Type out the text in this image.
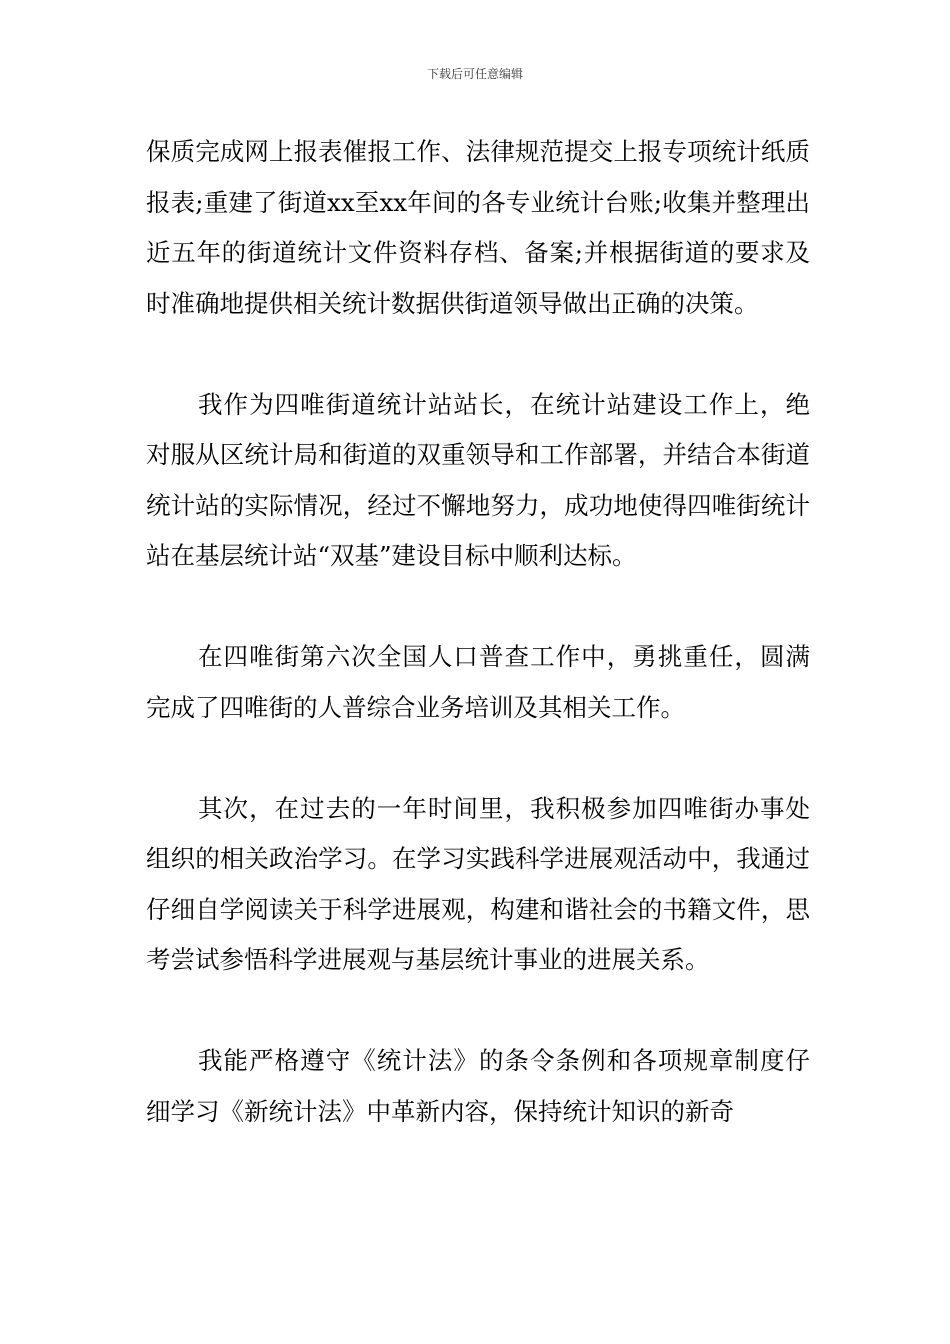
下载后可任意编辑

保质完成网上报表催报工作、法律规范提交上报专项统计纸质报表;重建了街道xx至xx年间的各专业统计台账;收集并整理出近五年的街道统计文件资料存档、备案;并根据街道的要求及时准确地提供相关统计数据供街道领导做出正确的决策。

我作为四唯街道统计站站长，在统计站建设工作上，绝对服从区统计局和街道的双重领导和工作部署，并结合本街道统计站的实际情况，经过不懈地努力，成功地使得四唯街统计站在基层统计站“双基”建设目标中顺利达标。

在四唯街第六次全国人口普查工作中，勇挑重任，圆满完成了四唯街的人普综合业务培训及其相关工作。

其次，在过去的一年时间里，我积极参加四唯街办事处组织的相关政治学习。在学习实践科学进展观活动中，我通过仔细自学阅读关于科学进展观，构建和谐社会的书籍文件，思考尝试参悟科学进展观与基层统计事业的进展关系。

我能严格遵守《统计法》的条令条例和各项规章制度仔细学习《新统计法》中革新内容，保持统计知识的新奇
